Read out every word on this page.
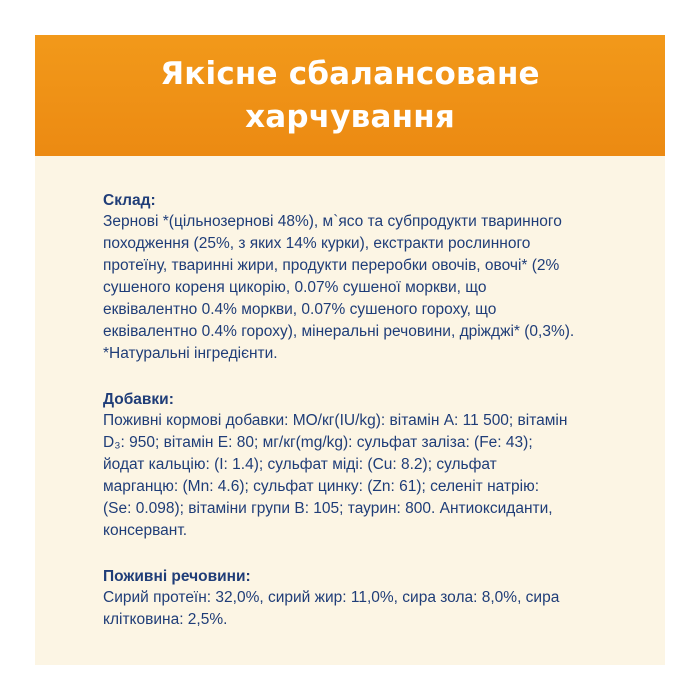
Якісне сбалансоване харчування

Склад:

Зернові *(цільнозернові 48%), м`ясо та субпродукти тваринного
походження (25%, з яких 14% курки), екстракти рослинного
протеїну, тваринні жири, продукти переробки овочів, овочі* (2%
сушеного кореня цикорію, 0.07% сушеної моркви, що
еквівалентно 0.4% моркви, 0.07% сушеного гороху, що
еквівалентно 0.4% гороху), мінеральні речовини, дріжджі* (0,3%).
*Натуральні інгредієнти.

Добавки:

Поживні кормові добавки: МО/кг(IU/kg): вітамін А: 11 500; вітамін
D₃: 950; вітамін Е: 80; мг/кг(mg/kg): сульфат заліза: (Fe: 43);
йодат кальцію: (I: 1.4); сульфат міді: (Cu: 8.2); сульфат
марганцю: (Mn: 4.6); сульфат цинку: (Zn: 61); селеніт натрію:
(Se: 0.098); вітаміни групи В: 105; таурин: 800. Антиоксиданти,
консервант.

Поживні речовини:

Сирий протеїн: 32,0%, сирий жир: 11,0%, сира зола: 8,0%, сира
клітковина: 2,5%.
